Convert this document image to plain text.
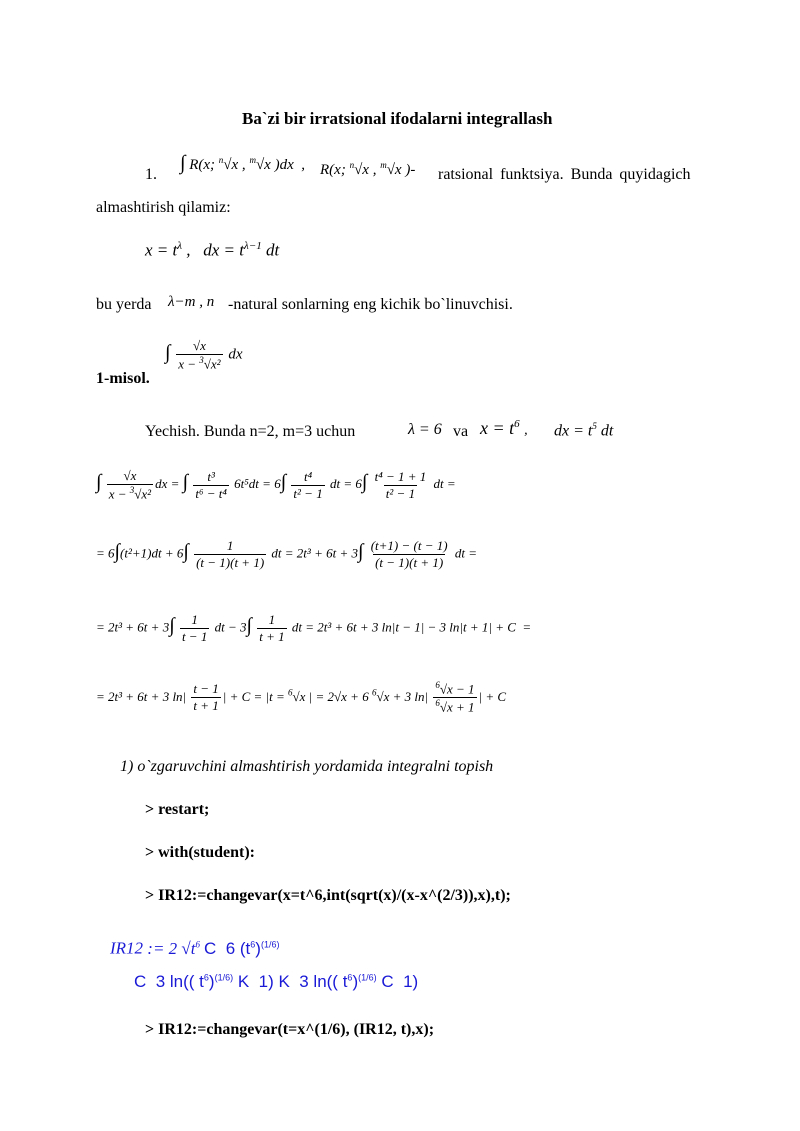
Ba`zi bir irratsional ifodalarni integrallash
1.
∫ R(x; $^n$√x , $^m$√x )dx  , R(x; $^n$√x , $^m$√x )- ratsional funktsiya. Bunda quyidagich
almashtirish qilamiz:
$x = t^\lambda$ ,   dx = $t^{\lambda-1}$ dt
bu yerda λ−m , n -natural sonlarning eng kichik bo`linuvchisi.
1-misol.
∫ $\frac{√x}{x - ^3√x^2}$ dx
Yechish. Bunda n=2, m=3 uchun	λ = 6 va $x = t^6$ , dx = $t^5$ dt
∫ $\frac{√x}{x - ^3√x^2}$ dx = ∫ $\frac{\text{t³}}{\text{t⁶ − t⁴}} 6t^5dt = 6\int \frac{\text{t⁴}}{\text{t² − 1}}$ dt = $6\int \frac{\text{t⁴ − 1 + 1}}{\text{t² − 1}}$ dt =
= $6\int(t^2+1)dt + 6\int \frac{1}{(t - 1)(t + 1)}$ dt = $2t^3 + 6t + 3\int \frac{(t+1) - (t - 1)}{(t - 1)(t + 1)}$ dt =
= $2t^3 + 6t + 3\int \frac{1}{t - 1}$ dt − $3\int \frac{1}{t + 1}$ dt = 2t³ + 6t + 3 ln|t − 1| − 3 ln|t + 1| + C  =
= 2t³ + 6t + 3 $\ln| \frac{t - 1}{t + 1}$ | + C = |t = $^6$√x | = 2√x + 6 $^6$√x + 3 $\ln| \frac{^6√x - 1}{^6√x + 1}$ | + C
1) o`zgaruvchini almashtirish yordamida integralni topish
> restart;
> with(student):
> IR12:=changevar(x=t^6,int(sqrt(x)/(x-x^(2/3)),x),t);
IR12 := 2 $√t^6$ C  6 $(t^6)^{(1/6)}$
C  3 ln(( $t^6)^{(1/6)}$ K  1) K  3 ln(( $t^6)^{(1/6)}$ C  1)
> IR12:=changevar(t=x^(1/6), (IR12, t),x);
